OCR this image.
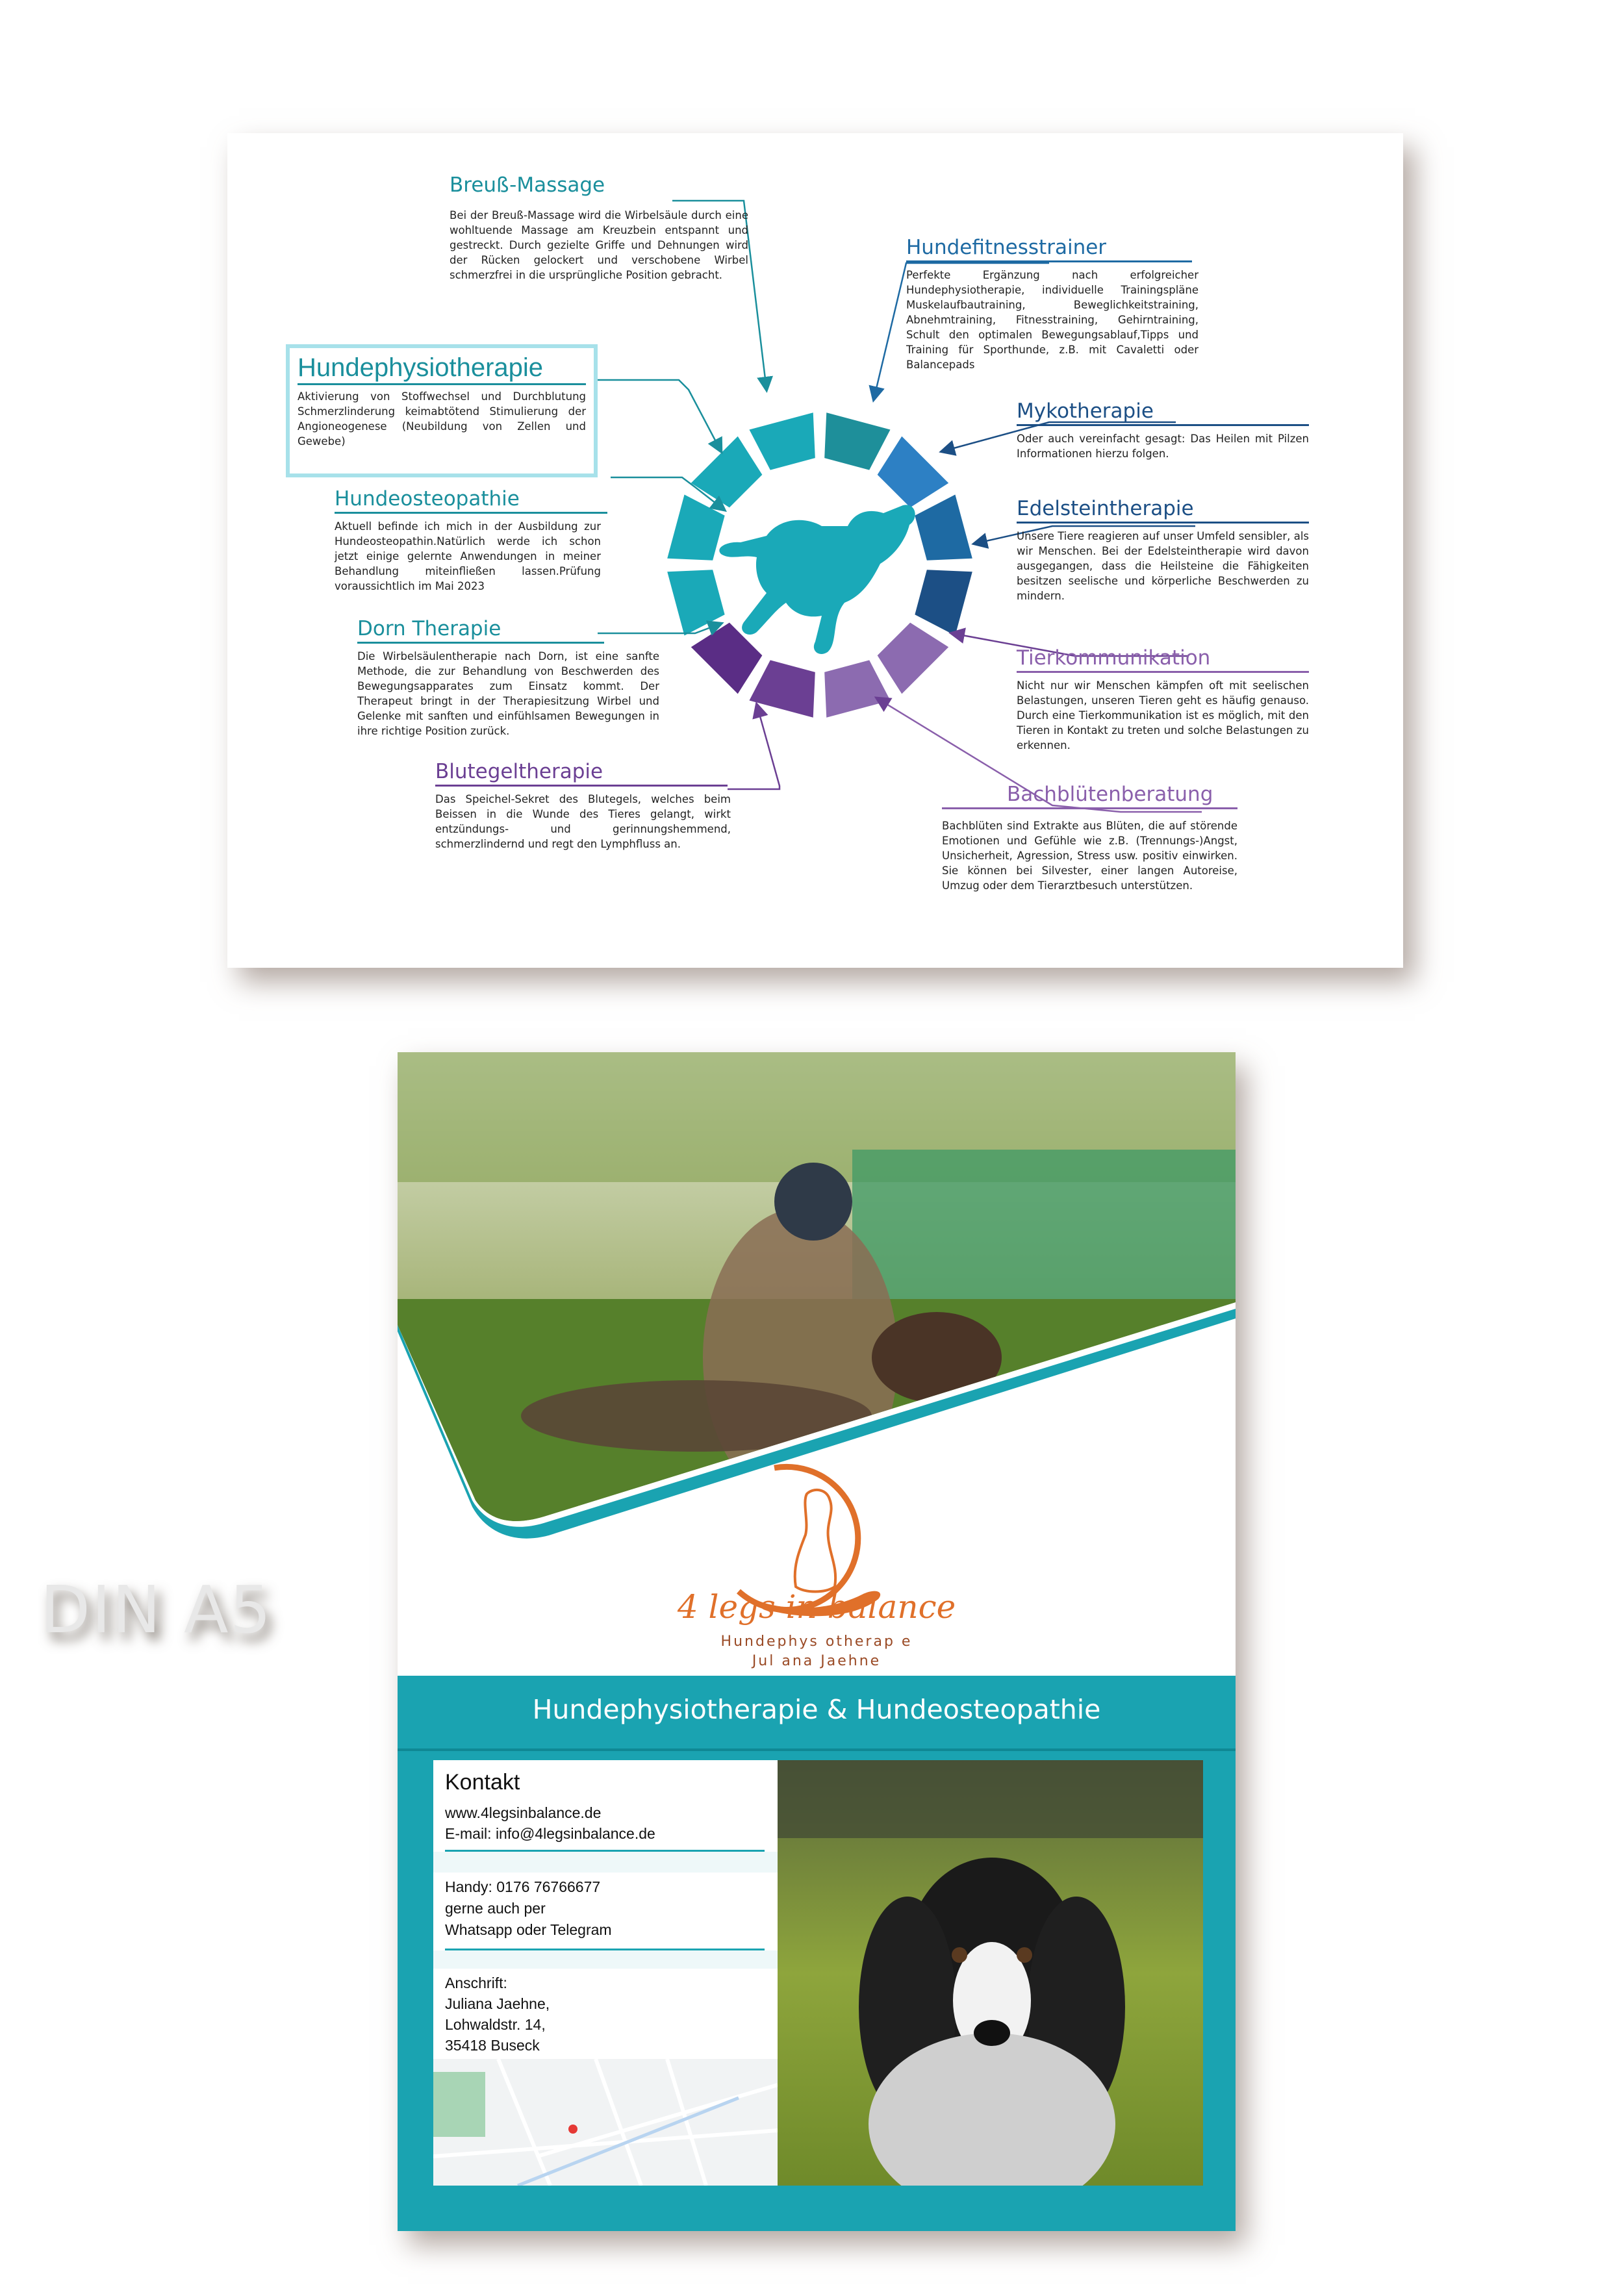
Breuß-Massage

Bei der Breuß-Massage wird die Wirbelsäule durch eine wohltuende Massage am Kreuzbein entspannt und gestreckt. Durch gezielte Griffe und Dehnungen wird der Rücken gelockert und verschobene Wirbel schmerzfrei in die ursprüngliche Position gebracht.

Hundephysiotherapie

Aktivierung von Stoffwechsel und Durchblutung Schmerzlinderung keimabtötend Stimulierung der Angioneogenese (Neubildung von Zellen und Gewebe)

Hundeosteopathie

Aktuell befinde ich mich in der Ausbildung zur Hundeosteopathin.Natürlich werde ich schon jetzt einige gelernte Anwendungen in meiner Behandlung miteinfließen lassen.Prüfung voraussichtlich im Mai 2023

Dorn Therapie

Die Wirbelsäulentherapie nach Dorn, ist eine sanfte Methode, die zur Behandlung von Beschwerden des Bewegungsapparates zum Einsatz kommt. Der Therapeut bringt in der Therapiesitzung Wirbel und Gelenke mit sanften und einfühlsamen Bewegungen in ihre richtige Position zurück.

Blutegeltherapie

Das Speichel-Sekret des Blutegels, welches beim Beissen in die Wunde des Tieres gelangt, wirkt entzündungs- und gerinnungshemmend, schmerzlindernd und regt den Lymphfluss an.

Hundefitnesstrainer

Perfekte Ergänzung nach erfolgreicher Hundephysiotherapie, individuelle Trainingspläne Muskelaufbautraining, Beweglichkeitstraining, Abnehmtraining, Fitnesstraining, Gehirntraining, Schult den optimalen Bewegungsablauf,Tipps und Training für Sporthunde, z.B. mit Cavaletti oder Balancepads

Mykotherapie

Oder auch vereinfacht gesagt: Das Heilen mit Pilzen Informationen hierzu folgen.

Edelsteintherapie

Unsere Tiere reagieren auf unser Umfeld sensibler, als wir Menschen. Bei der Edelsteintherapie wird davon ausgegangen, dass die Heilsteine die Fähigkeiten besitzen seelische und körperliche Beschwerden zu mindern.

Tierkommunikation

Nicht nur wir Menschen kämpfen oft mit seelischen Belastungen, unseren Tieren geht es häufig genauso. Durch eine Tierkommunikation ist es möglich, mit den Tieren in Kontakt zu treten und solche Belastungen zu erkennen.

Bachblütenberatung

Bachblüten sind Extrakte aus Blüten, die auf störende Emotionen und Gefühle wie z.B. (Trennungs-)Angst, Unsicherheit, Agression, Stress usw. positiv einwirken. Sie können bei Silvester, einer langen Autoreise, Umzug oder dem Tierarztbesuch unterstützen.

DIN A5	4 legs in balance
Hundephys otherap e
Jul ana Jaehne
Hundephysiotherapie & Hundeosteopathie
Kontakt
www.4legsinbalance.de
E-mail: info@4legsinbalance.de
Handy: 0176 76766677
gerne auch per
Whatsapp oder Telegram
Anschrift:
Juliana Jaehne,
Lohwaldstr. 14,
35418 Buseck
